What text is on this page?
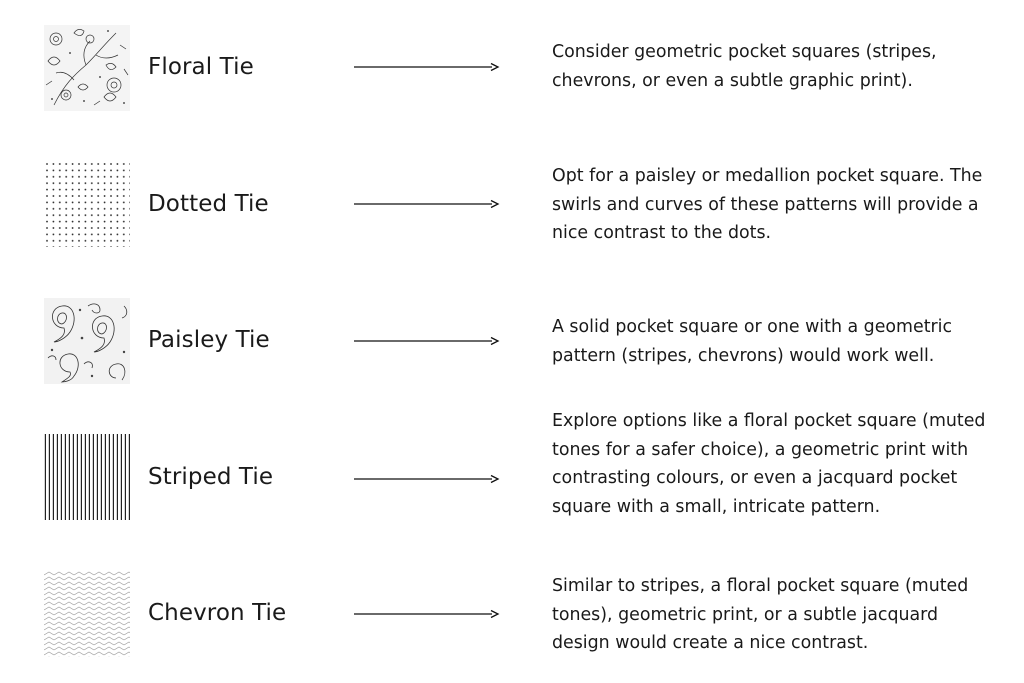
Floral Tie
Consider geometric pocket squares (stripes, chevrons, or even a subtle graphic print).
Dotted Tie
Opt for a paisley or medallion pocket square. The swirls and curves of these patterns will provide a nice contrast to the dots.
Paisley Tie	A solid pocket square or one with a geometric pattern (stripes, chevrons) would work well.
Striped Tie
Explore options like a floral pocket square (muted tones for a safer choice), a geometric print with contrasting colours, or even a jacquard pocket square with a small, intricate pattern.
Chevron Tie
Similar to stripes, a floral pocket square (muted tones), geometric print, or a subtle jacquard design would create a nice contrast.
